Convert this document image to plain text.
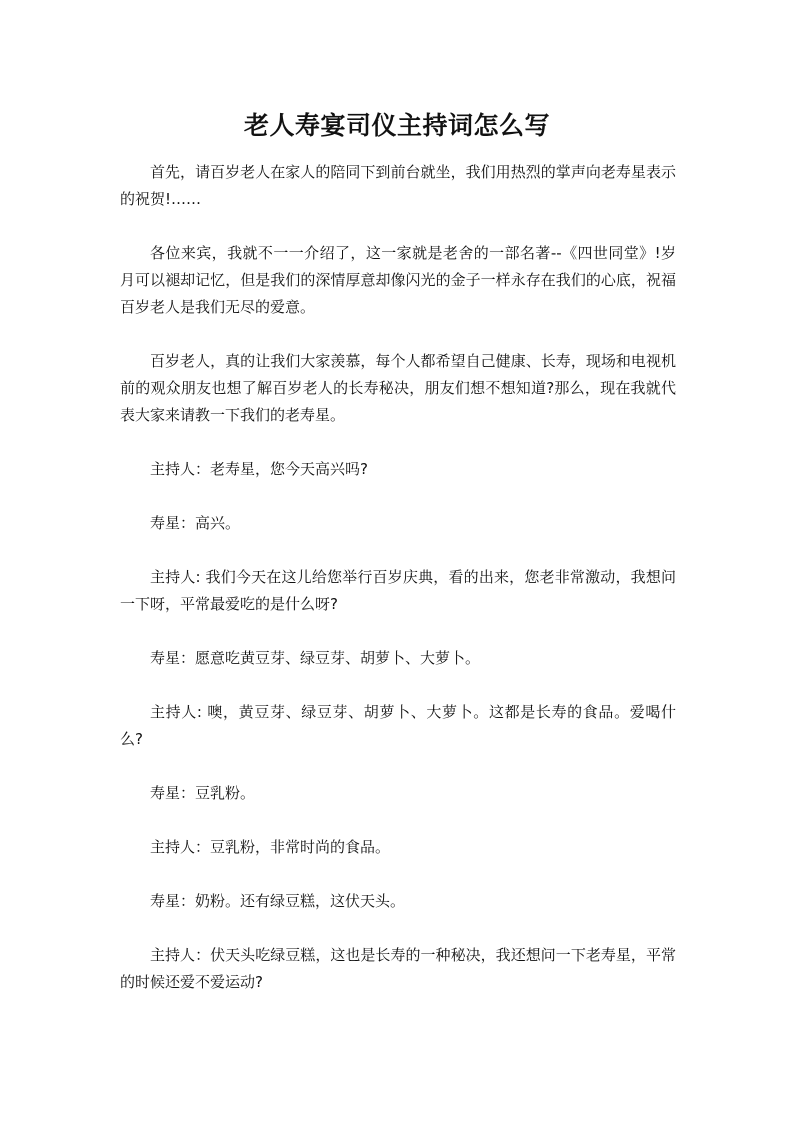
老人寿宴司仪主持词怎么写

首先，请百岁老人在家人的陪同下到前台就坐，我们用热烈的掌声向老寿星表示的祝贺!……

各位来宾，我就不一一介绍了，这一家就是老舍的一部名著--《四世同堂》!岁月可以褪却记忆，但是我们的深情厚意却像闪光的金子一样永存在我们的心底，祝福百岁老人是我们无尽的爱意。

百岁老人，真的让我们大家羡慕，每个人都希望自己健康、长寿，现场和电视机前的观众朋友也想了解百岁老人的长寿秘决，朋友们想不想知道?那么，现在我就代表大家来请教一下我们的老寿星。

主持人：老寿星，您今天高兴吗?

寿星：高兴。

主持人: 我们今天在这儿给您举行百岁庆典，看的出来，您老非常激动，我想问一下呀，平常最爱吃的是什么呀?

寿星：愿意吃黄豆芽、绿豆芽、胡萝卜、大萝卜。

主持人: 噢，黄豆芽、绿豆芽、胡萝卜、大萝卜。这都是长寿的食品。爱喝什么?

寿星：豆乳粉。

主持人：豆乳粉，非常时尚的食品。

寿星：奶粉。还有绿豆糕，这伏天头。

主持人：伏天头吃绿豆糕，这也是长寿的一种秘决，我还想问一下老寿星，平常的时候还爱不爱运动?
